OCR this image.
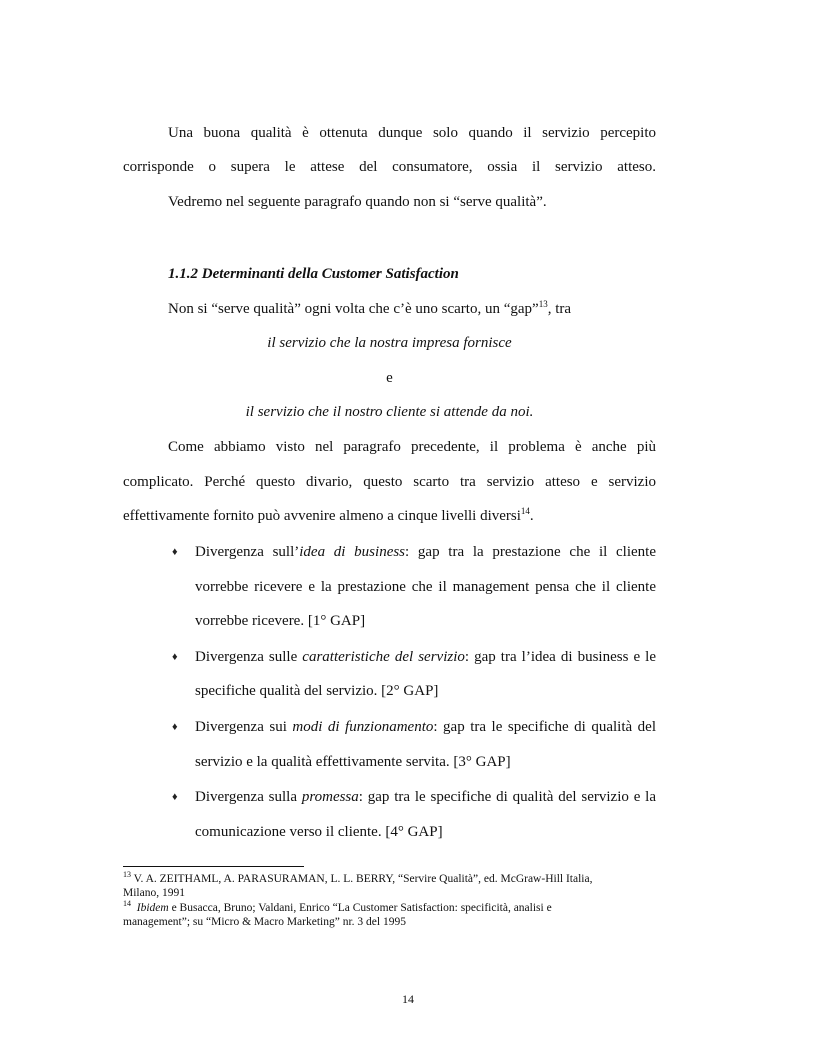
Una buona qualità è ottenuta dunque solo quando il servizio percepito
corrisponde o supera le attese del consumatore, ossia il servizio atteso.
Vedremo nel seguente paragrafo quando non si “serve qualità”.
1.1.2 Determinanti della Customer Satisfaction
Non si “serve qualità” ogni volta che c’è uno scarto, un “gap”$^{13}$, tra
il servizio che la nostra impresa fornisce
e
il servizio che il nostro cliente si attende da noi.
Come abbiamo visto nel paragrafo precedente, il problema è anche più
complicato. Perché questo divario, questo scarto tra servizio atteso e servizio
effettivamente fornito può avvenire almeno a cinque livelli diversi$^{14}$.
♦ Divergenza sull’idea di business: gap tra la prestazione che il cliente
vorrebbe ricevere e la prestazione che il management pensa che il cliente
vorrebbe ricevere. [1° GAP]
♦ Divergenza sulle caratteristiche del servizio: gap tra l’idea di business e le
specifiche qualità del servizio. [2° GAP]
♦ Divergenza sui modi di funzionamento: gap tra le specifiche di qualità del
servizio e la qualità effettivamente servita. [3° GAP]
♦ Divergenza sulla promessa: gap tra le specifiche di qualità del servizio e la
comunicazione verso il cliente. [4° GAP]
$^{13}$ V. A. ZEITHAML, A. PARASURAMAN, L. L. BERRY, “Servire Qualità”, ed. McGraw-Hill Italia,
Milano, 1991
$^{14}$ Ibidem e Busacca, Bruno; Valdani, Enrico “La Customer Satisfaction: specificità, analisi e
management”; su “Micro & Macro Marketing” nr. 3 del 1995
14
